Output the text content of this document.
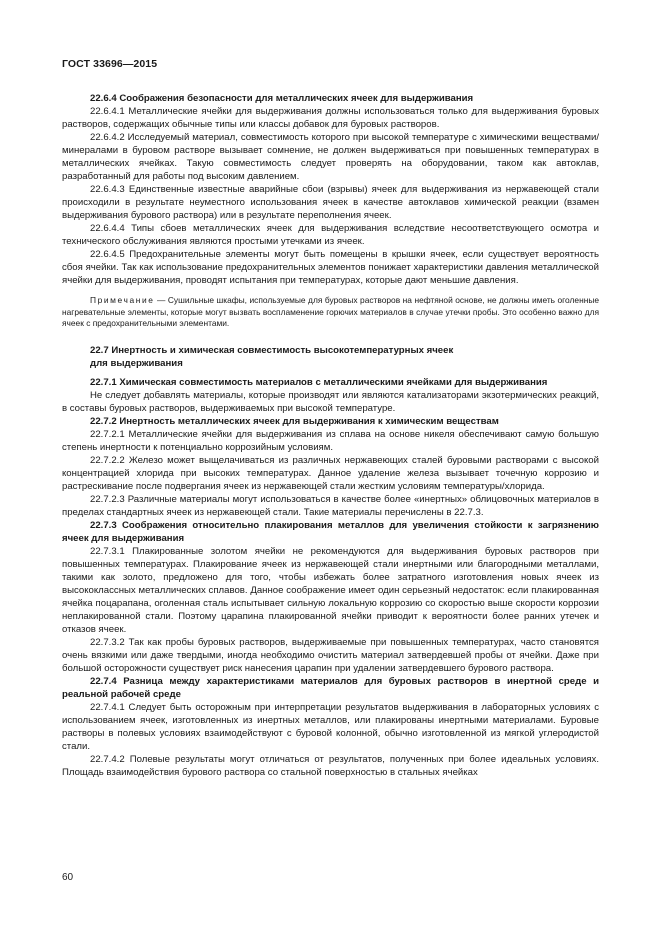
ГОСТ 33696—2015

22.6.4 Соображения безопасности для металлических ячеек для выдерживания

22.6.4.1 Металлические ячейки для выдерживания должны использоваться только для выдерживания буровых растворов, содержащих обычные типы или классы добавок для буровых растворов.

22.6.4.2 Исследуемый материал, совместимость которого при высокой температуре с химическими веществами/минералами в буровом растворе вызывает сомнение, не должен выдерживаться при повышенных температурах в металлических ячейках. Такую совместимость следует проверять на оборудовании, таком как автоклав, разработанный для работы под высоким давлением.

22.6.4.3 Единственные известные аварийные сбои (взрывы) ячеек для выдерживания из нержавеющей стали происходили в результате неуместного использования ячеек в качестве автоклавов химической реакции (взамен выдерживания бурового раствора) или в результате переполнения ячеек.

22.6.4.4 Типы сбоев металлических ячеек для выдерживания вследствие несоответствующего осмотра и технического обслуживания являются простыми утечками из ячеек.

22.6.4.5 Предохранительные элементы могут быть помещены в крышки ячеек, если существует вероятность сбоя ячейки. Так как использование предохранительных элементов понижает характеристики давления металлической ячейки для выдерживания, проводят испытания при температурах, которые дают меньшие давления.

Примечание — Сушильные шкафы, используемые для буровых растворов на нефтяной основе, не должны иметь оголенные нагревательные элементы, которые могут вызвать воспламенение горючих материалов в случае утечки пробы. Это особенно важно для ячеек с предохранительными элементами.

22.7 Инертность и химическая совместимость высокотемпературных ячеек

для выдерживания

22.7.1 Химическая совместимость материалов с металлическими ячейками для выдерживания

Не следует добавлять материалы, которые производят или являются катализаторами экзотермических реакций, в составы буровых растворов, выдерживаемых при высокой температуре.

22.7.2 Инертность металлических ячеек для выдерживания к химическим веществам

22.7.2.1 Металлические ячейки для выдерживания из сплава на основе никеля обеспечивают самую большую степень инертности к потенциально коррозийным условиям.

22.7.2.2 Железо может выщелачиваться из различных нержавеющих сталей буровыми растворами с высокой концентрацией хлорида при высоких температурах. Данное удаление железа вызывает точечную коррозию и растрескивание после подвергания ячеек из нержавеющей стали жестким условиям температуры/хлорида.

22.7.2.3 Различные материалы могут использоваться в качестве более «инертных» облицовочных материалов в пределах стандартных ячеек из нержавеющей стали. Такие материалы перечислены в 22.7.3.

22.7.3 Соображения относительно плакирования металлов для увеличения стойкости к загрязнению ячеек для выдерживания

22.7.3.1 Плакированные золотом ячейки не рекомендуются для выдерживания буровых растворов при повышенных температурах. Плакирование ячеек из нержавеющей стали инертными или благородными металлами, такими как золото, предложено для того, чтобы избежать более затратного изготовления новых ячеек из высококлассных металлических сплавов. Данное соображение имеет один серьезный недостаток: если плакированная ячейка поцарапана, оголенная сталь испытывает сильную локальную коррозию со скоростью выше скорости коррозии неплакированной стали. Поэтому царапина плакированной ячейки приводит к вероятности более ранних утечек и отказов ячеек.

22.7.3.2 Так как пробы буровых растворов, выдерживаемые при повышенных температурах, часто становятся очень вязкими или даже твердыми, иногда необходимо очистить материал затвердевшей пробы от ячейки. Даже при большой осторожности существует риск нанесения царапин при удалении затвердевшего бурового раствора.

22.7.4 Разница между характеристиками материалов для буровых растворов в инертной среде и реальной рабочей среде

22.7.4.1 Следует быть осторожным при интерпретации результатов выдерживания в лабораторных условиях с использованием ячеек, изготовленных из инертных металлов, или плакированы инертными материалами. Буровые растворы в полевых условиях взаимодействуют с буровой колонной, обычно изготовленной из мягкой углеродистой стали.

22.7.4.2 Полевые результаты могут отличаться от результатов, полученных при более идеальных условиях. Площадь взаимодействия бурового раствора со стальной поверхностью в стальных ячейках

60
